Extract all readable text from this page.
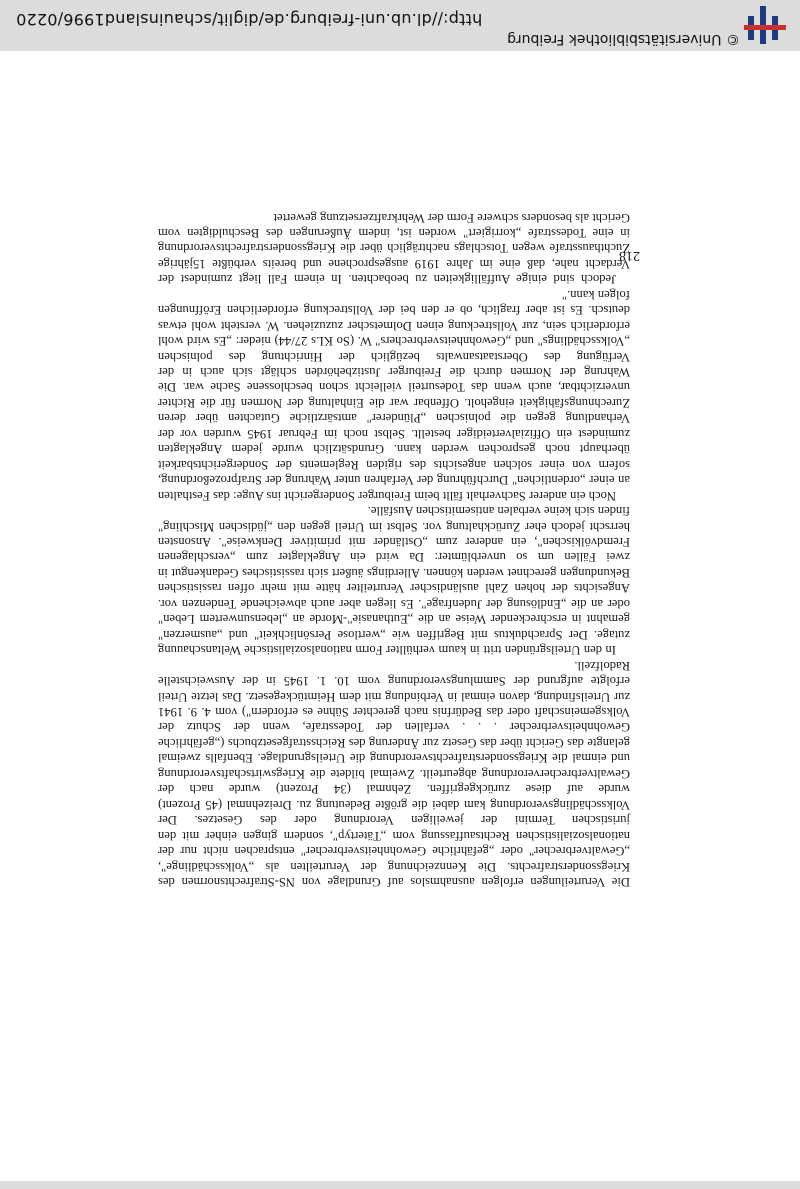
Die Verurteilungen erfolgen ausnahmslos auf Grundlage von NS-Strafrechtsnormen des Kriegssonderstrafrechts. Die Kennzeichnung der Verurteilten als „Volksschädlinge", „Gewaltverbrecher" oder „gefährliche Gewohnheitsverbrecher" entsprachen nicht nur der nationalsozialistischen Rechtsauffassung vom „Tätertyp", sondern gingen einher mit den juristischen Termini der jeweiligen Verordnung oder des Gesetzes. Der Volksschädlingsverordnung kam dabei die größte Bedeutung zu. Dreizehnmal (45 Prozent) wurde auf diese zurückgegriffen. Zehnmal (34 Prozent) wurde nach der Gewaltverbrecherverordnung abgeurteilt. Zweimal bildete die Kriegswirtschaftsverordnung und einmal die Kriegssonderstrafrechtsverordnung die Urteilsgrundlage. Ebenfalls zweimal gelangte das Gericht über das Gesetz zur Änderung des Reichsstrafgesetzbuchs („gefährliche Gewohnheitsverbrecher . . . verfallen der Todesstrafe, wenn der Schutz der Volksgemeinschaft oder das Bedürfnis nach gerechter Sühne es erfordern") vom 4. 9. 1941 zur Urteilsfindung, davon einmal in Verbindung mit dem Heimtückegesetz. Das letzte Urteil erfolgte aufgrund der Sammlungsverordnung vom 10. 1. 1945 in der Ausweichstelle Radolfzell.

In den Urteilsgründen tritt in kaum verhüllter Form nationalsozialistische Weltanschauung zutage. Der Sprachduktus mit Begriffen wie „wertlose Persönlichkeit" und „ausmerzen" gemahnt in erschreckender Weise an die „Euthanasie"-Morde an „lebensunwertem Leben" oder an die „Endlösung der Judenfrage". Es liegen aber auch abweichende Tendenzen vor. Angesichts der hohen Zahl ausländischer Verurteilter hätte mit mehr offen rassistischen Bekundungen gerechnet werden können. Allerdings äußert sich rassistisches Gedankengut in zwei Fällen um so unverblümter: Da wird ein Angeklagter zum „verschlagenen Fremdvölkischen", ein anderer zum „Ostländer mit primitiver Denkweise". Ansonsten herrscht jedoch eher Zurückhaltung vor. Selbst im Urteil gegen den „jüdischen Mischling" finden sich keine verbalen antisemitischen Ausfälle.

Noch ein anderer Sachverhalt fällt beim Freiburger Sondergericht ins Auge: das Festhalten an einer „ordentlichen" Durchführung der Verfahren unter Wahrung der Strafprozeßordnung, sofern von einer solchen angesichts des rigiden Reglements der Sondergerichtsbarkeit überhaupt noch gesprochen werden kann. Grundsätzlich wurde jedem Angeklagten zumindest ein Offizialverteidiger bestellt. Selbst noch im Februar 1945 wurden vor der Verhandlung gegen die polnischen „Plünderer" amtsärztliche Gutachten über deren Zurechnungsfähigkeit eingeholt. Offenbar war die Einhaltung der Normen für die Richter unverzichtbar, auch wenn das Todesurteil vielleicht schon beschlossene Sache war. Die Wahrung der Normen durch die Freiburger Justizbehörden schlägt sich auch in der Verfügung des Oberstaatsanwalts bezüglich der Hinrichtung des polnischen „Volksschädlings" und „Gewohnheitsverbrechers" W. (So KLs 27/44) nieder: „Es wird wohl erforderlich sein, zur Vollstreckung einen Dolmetscher zuzuziehen. W. versteht wohl etwas deutsch. Es ist aber fraglich, ob er den bei der Vollstreckung erforderlichen Eröffnungen folgen kann."

Jedoch sind einige Auffälligkeiten zu beobachten. In einem Fall liegt zumindest der Verdacht nahe, daß eine im Jahre 1919 ausgesprochene und bereits verbüßte 15jährige Zuchthausstrafe wegen Totschlags nachträglich über die Kriegssonderstrafrechtsverordnung in eine Todesstrafe „korrigiert" worden ist, indem Äußerungen des Beschuldigten vom Gericht als besonders schwere Form der Wehrkraftzersetzung gewertet

218
© Universitätsbibliothek Freiburg
http://dl.ub.uni-freiburg.de/diglit/schauinsland1996/0220
